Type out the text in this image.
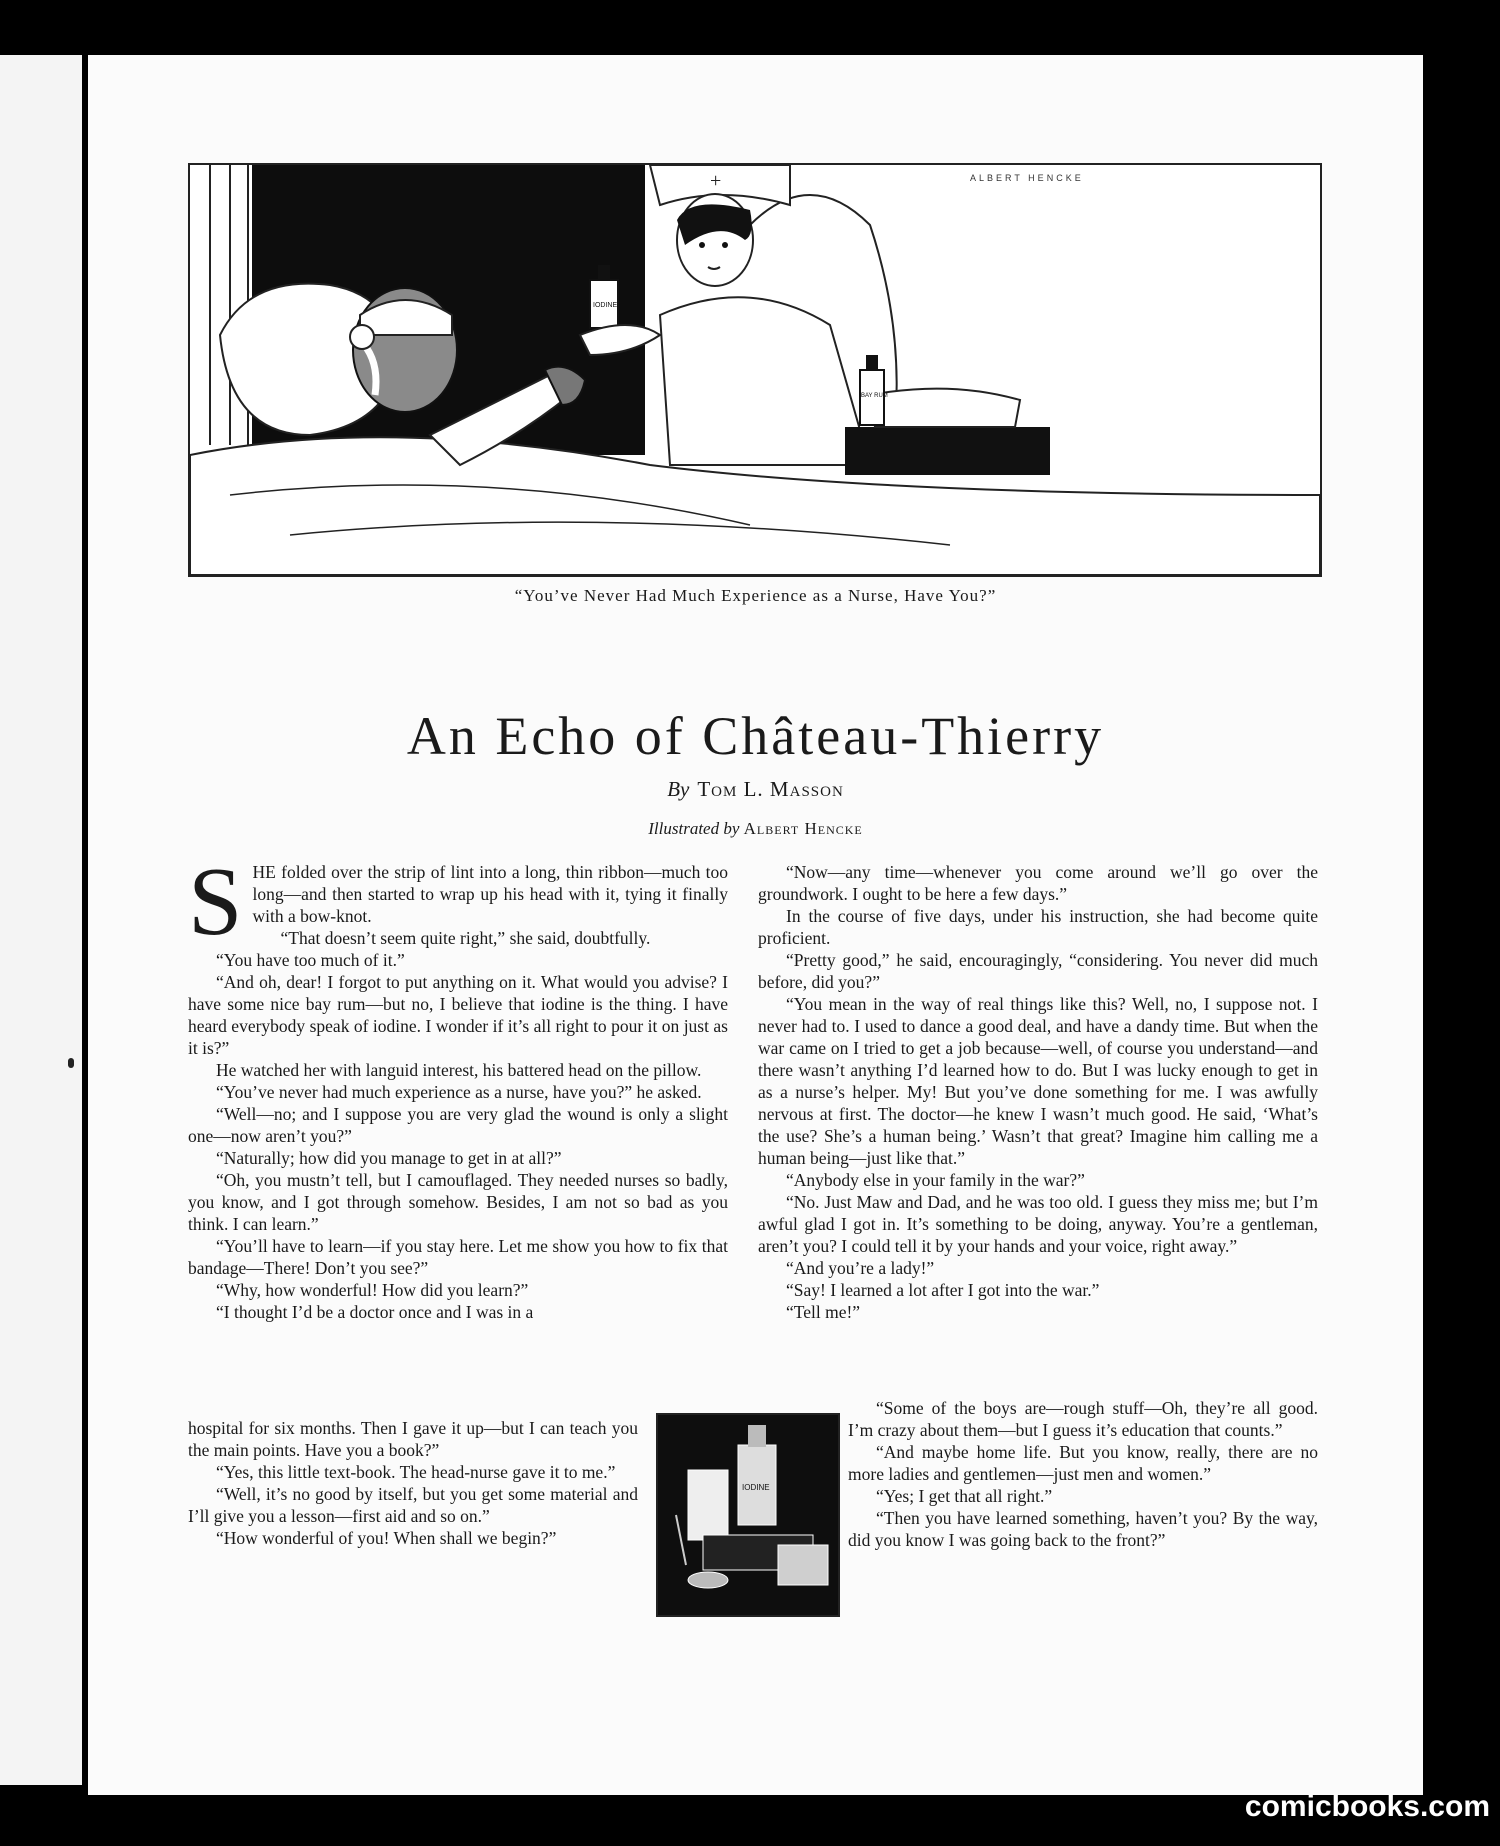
+
IODINE
BAY RUM
ALBERT HENCKE
“You’ve Never Had Much Experience as a Nurse, Have You?”
An Echo of Château-Thierry
By Tom L. Masson
Illustrated by Albert Hencke
S HE folded over the strip of lint into a long, thin ribbon—much too long—and then started to wrap up his head with it, tying it finally with a bow-knot.

“That doesn’t seem quite right,” she said, doubtfully.

“You have too much of it.”

“And oh, dear! I forgot to put anything on it. What would you advise? I have some nice bay rum—but no, I believe that iodine is the thing. I have heard everybody speak of iodine. I wonder if it’s all right to pour it on just as it is?”

He watched her with languid interest, his battered head on the pillow.

“You’ve never had much experience as a nurse, have you?” he asked.

“Well—no; and I suppose you are very glad the wound is only a slight one—now aren’t you?”

“Naturally; how did you manage to get in at all?”

“Oh, you mustn’t tell, but I camouflaged. They needed nurses so badly, you know, and I got through somehow. Besides, I am not so bad as you think. I can learn.”

“You’ll have to learn—if you stay here. Let me show you how to fix that bandage—There! Don’t you see?”

“Why, how wonderful! How did you learn?”

“I thought I’d be a doctor once and I was in a

hospital for six months. Then I gave it up—but I can teach you the main points. Have you a book?”

“Yes, this little text-book. The head-nurse gave it to me.”

“Well, it’s no good by itself, but you get some material and I’ll give you a lesson—first aid and so on.”

“How wonderful of you! When shall we begin?”

IODINE

“Now—any time—whenever you come around we’ll go over the groundwork. I ought to be here a few days.”

In the course of five days, under his instruction, she had become quite proficient.

“Pretty good,” he said, encouragingly, “considering. You never did much before, did you?”

“You mean in the way of real things like this? Well, no, I suppose not. I never had to. I used to dance a good deal, and have a dandy time. But when the war came on I tried to get a job because—well, of course you understand—and there wasn’t anything I’d learned how to do. But I was lucky enough to get in as a nurse’s helper. My! But you’ve done something for me. I was awfully nervous at first. The doctor—he knew I wasn’t much good. He said, ‘What’s the use? She’s a human being.’ Wasn’t that great? Imagine him calling me a human being—just like that.”

“Anybody else in your family in the war?”

“No. Just Maw and Dad, and he was too old. I guess they miss me; but I’m awful glad I got in. It’s something to be doing, anyway. You’re a gentleman, aren’t you? I could tell it by your hands and your voice, right away.”

“And you’re a lady!”

“Say! I learned a lot after I got into the war.”

“Tell me!”

“Some of the boys are—rough stuff—Oh, they’re all good. I’m crazy about them—but I guess it’s education that counts.”

“And maybe home life. But you know, really, there are no more ladies and gentlemen—just men and women.”

“Yes; I get that all right.”

“Then you have learned something, haven’t you? By the way, did you know I was going back to the front?”

comicbooks.com
